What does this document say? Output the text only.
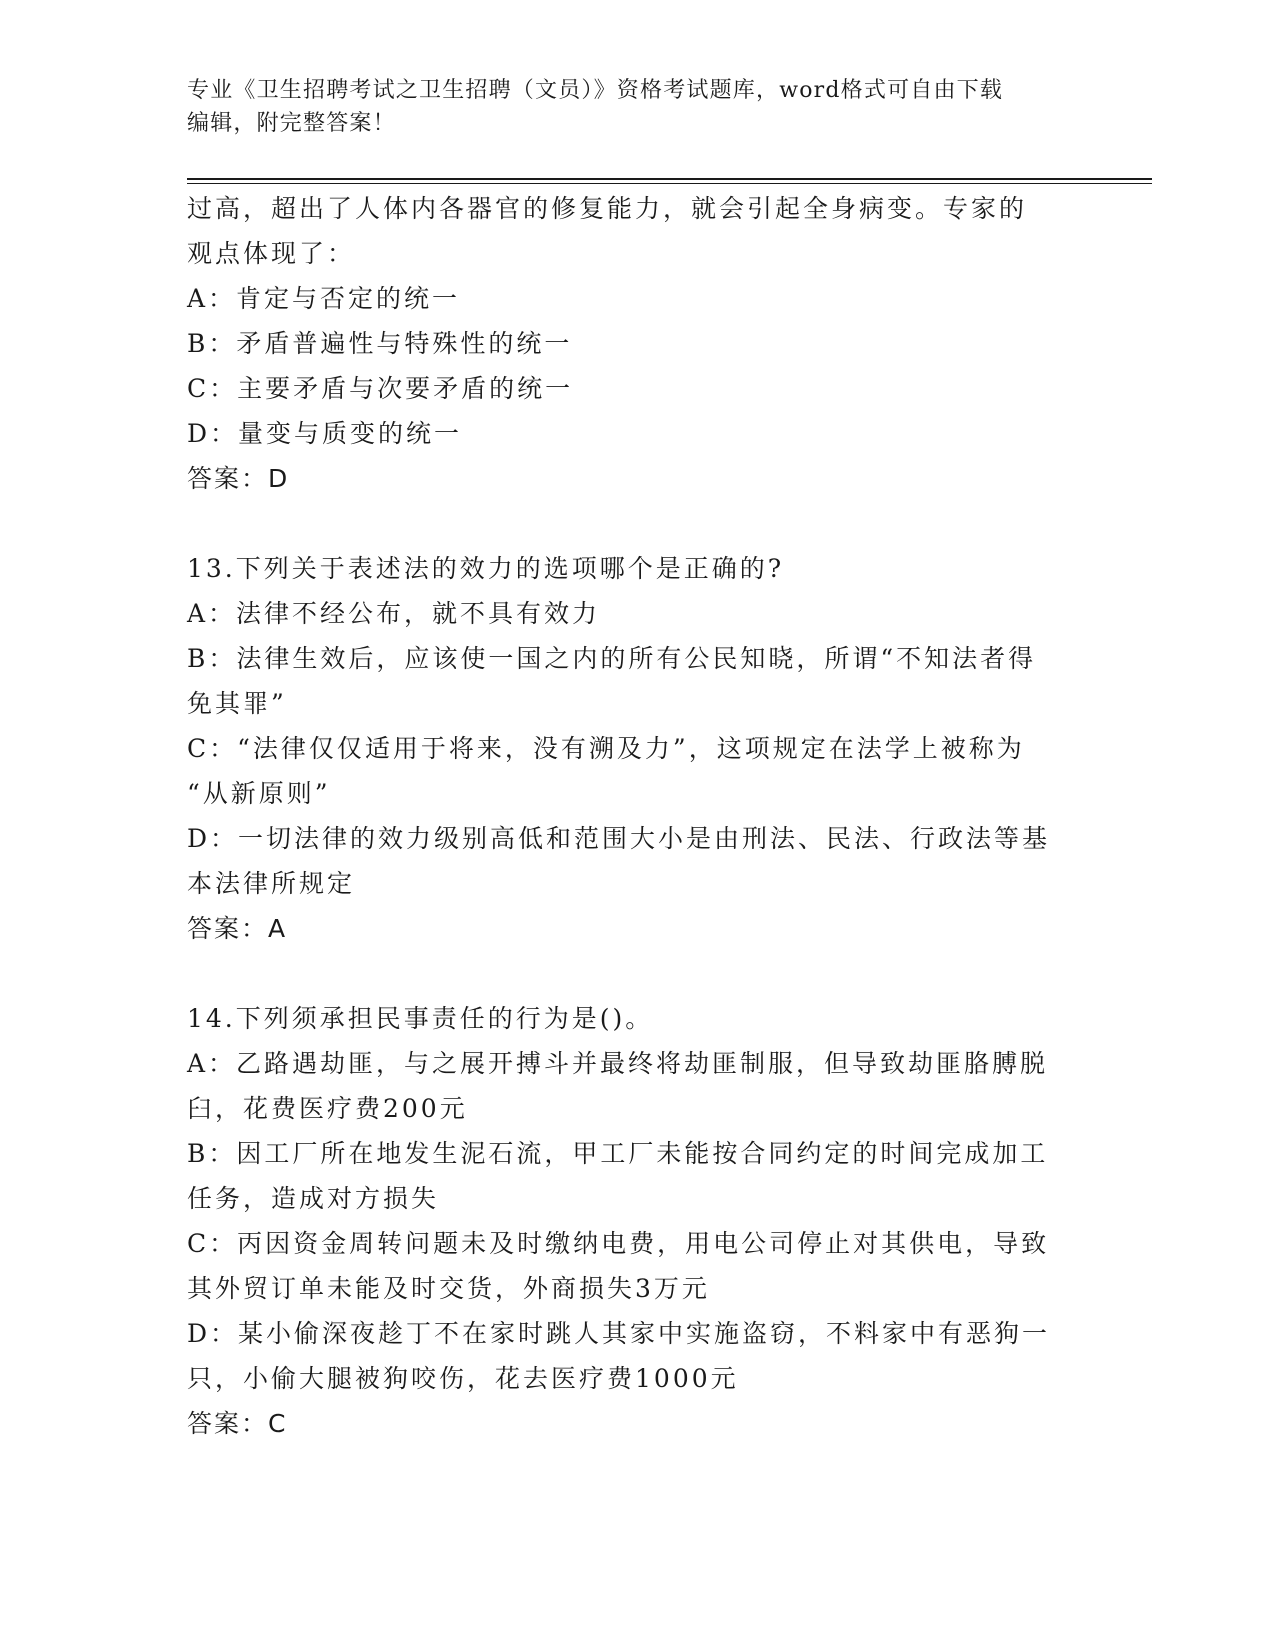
专业《卫生招聘考试之卫生招聘（文员）》资格考试题库，word格式可自由下载
编辑，附完整答案！
过高，超出了人体内各器官的修复能力，就会引起全身病变。专家的
观点体现了：
A：肯定与否定的统一
B：矛盾普遍性与特殊性的统一
C：主要矛盾与次要矛盾的统一
D：量变与质变的统一
答案：D
13.下列关于表述法的效力的选项哪个是正确的?
A：法律不经公布，就不具有效力
B：法律生效后，应该使一国之内的所有公民知晓，所谓“不知法者得
免其罪”
C：“法律仅仅适用于将来，没有溯及力”，这项规定在法学上被称为
“从新原则”
D：一切法律的效力级别高低和范围大小是由刑法、民法、行政法等基
本法律所规定
答案：A
14.下列须承担民事责任的行为是()。
A：乙路遇劫匪，与之展开搏斗并最终将劫匪制服，但导致劫匪胳膊脱
臼，花费医疗费200元
B：因工厂所在地发生泥石流，甲工厂未能按合同约定的时间完成加工
任务，造成对方损失
C：丙因资金周转问题未及时缴纳电费，用电公司停止对其供电，导致
其外贸订单未能及时交货，外商损失3万元
D：某小偷深夜趁丁不在家时跳人其家中实施盗窃，不料家中有恶狗一
只，小偷大腿被狗咬伤，花去医疗费1000元
答案：C
